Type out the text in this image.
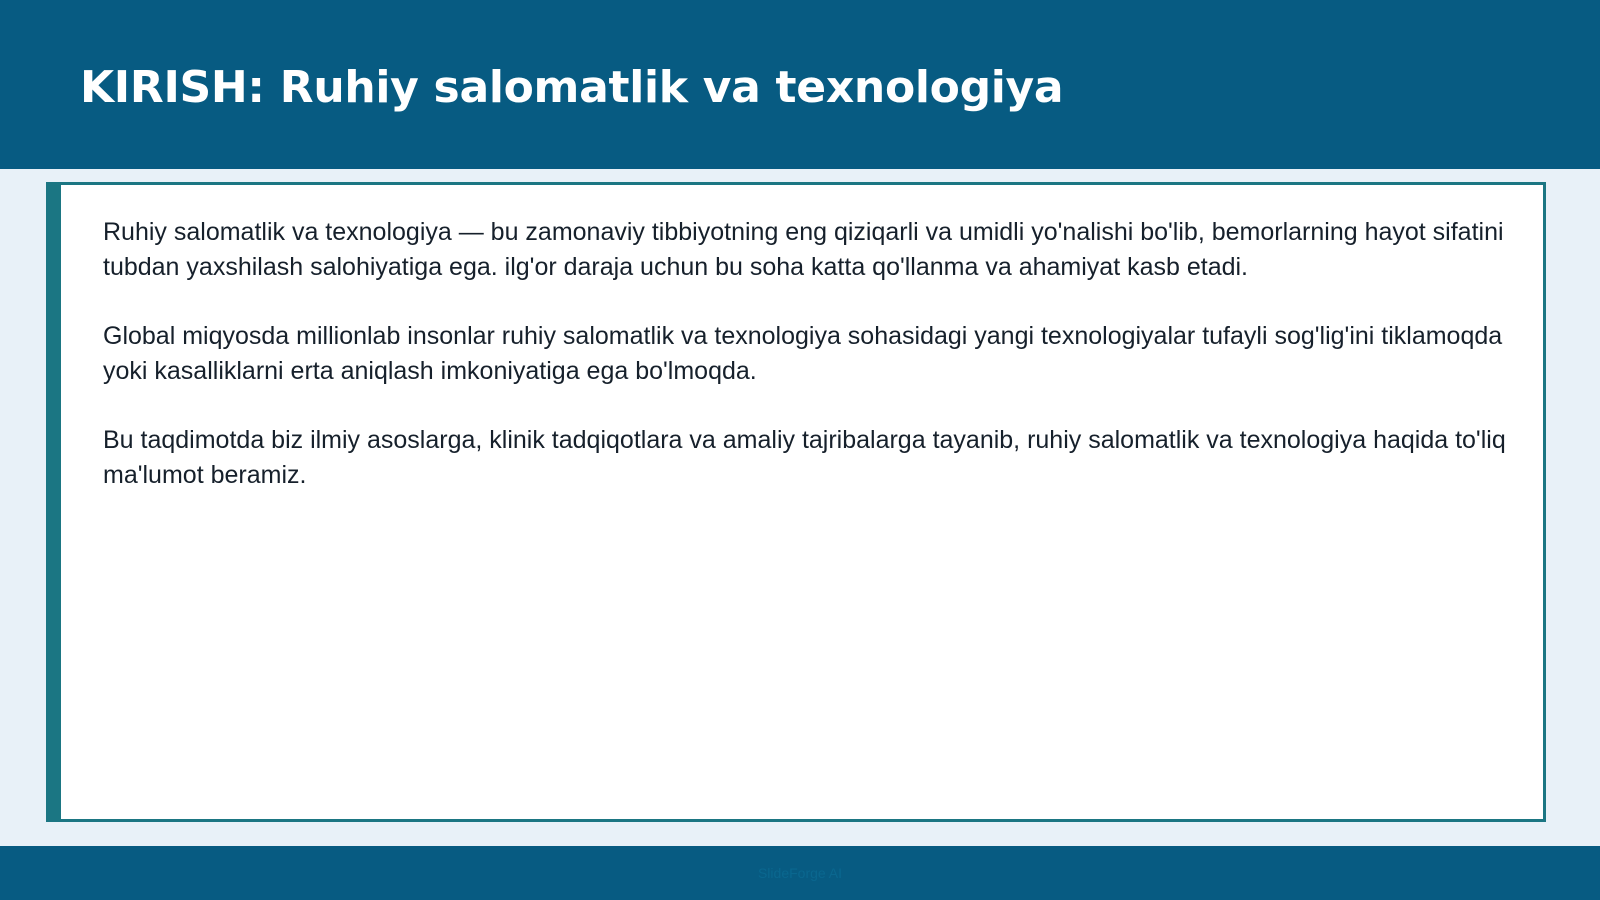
KIRISH: Ruhiy salomatlik va texnologiya

Ruhiy salomatlik va texnologiya — bu zamonaviy tibbiyotning eng qiziqarli va umidli yo'nalishi bo'lib, bemorlarning hayot sifatini tubdan yaxshilash salohiyatiga ega. ilg'or daraja uchun bu soha katta qo'llanma va ahamiyat kasb etadi.

Global miqyosda millionlab insonlar ruhiy salomatlik va texnologiya sohasidagi yangi texnologiyalar tufayli sog'lig'ini tiklamoqda yoki kasalliklarni erta aniqlash imkoniyatiga ega bo'lmoqda.

Bu taqdimotda biz ilmiy asoslarga, klinik tadqiqotlara va amaliy tajribalarga tayanib, ruhiy salomatlik va texnologiya haqida to'liq ma'lumot beramiz.

SlideForge AI
